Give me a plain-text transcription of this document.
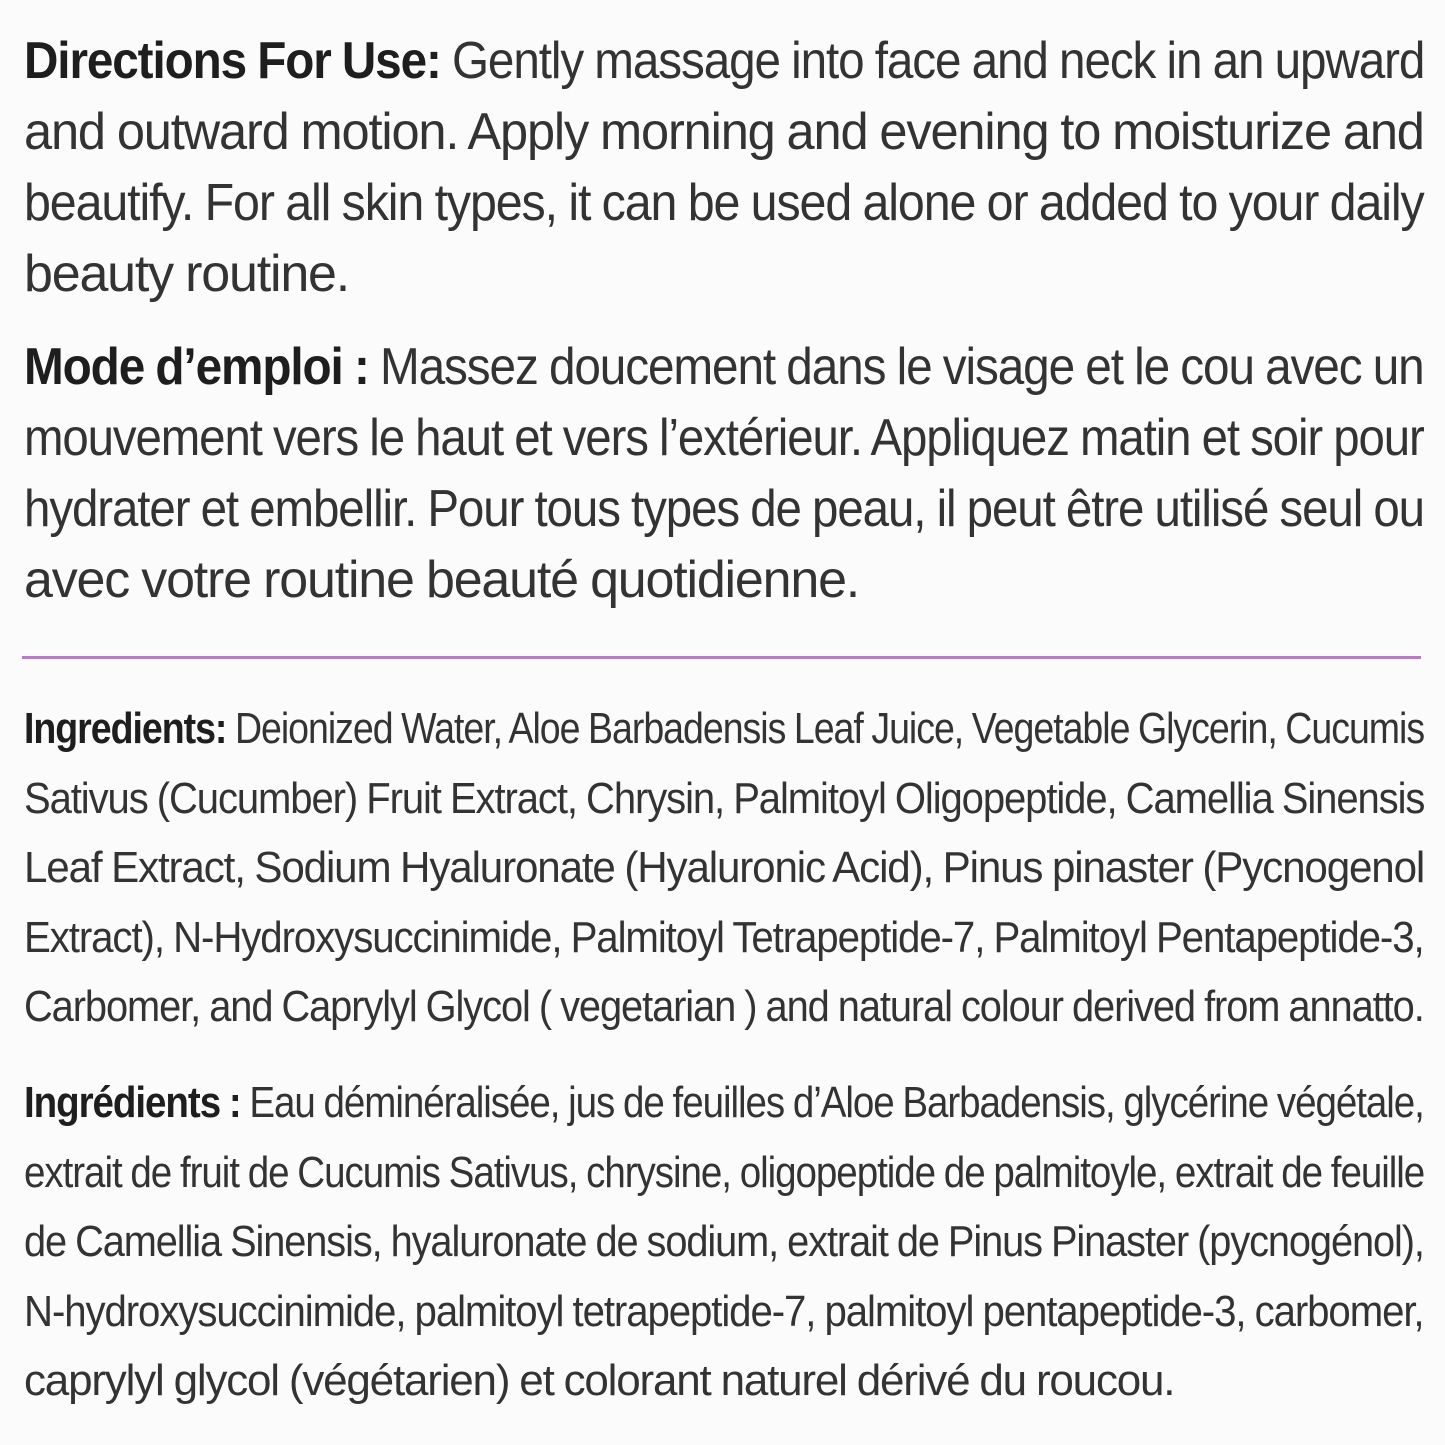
Directions For Use: Gently massage into face and neck in an upward
and outward motion. Apply morning and evening to moisturize and
beautify. For all skin types, it can be used alone or added to your daily
beauty routine.
Mode d’emploi : Massez doucement dans le visage et le cou avec un
mouvement vers le haut et vers l’extérieur. Appliquez matin et soir pour
hydrater et embellir. Pour tous types de peau, il peut être utilisé seul ou
avec votre routine beauté quotidienne.
Ingredients: Deionized Water, Aloe Barbadensis Leaf Juice, Vegetable Glycerin, Cucumis
Sativus (Cucumber) Fruit Extract, Chrysin, Palmitoyl Oligopeptide, Camellia Sinensis
Leaf Extract, Sodium Hyaluronate (Hyaluronic Acid), Pinus pinaster (Pycnogenol
Extract), N-Hydroxysuccinimide, Palmitoyl Tetrapeptide-7, Palmitoyl Pentapeptide-3,
Carbomer, and Caprylyl Glycol ( vegetarian ) and natural colour derived from annatto.
Ingrédients : Eau déminéralisée, jus de feuilles d’Aloe Barbadensis, glycérine végétale,
extrait de fruit de Cucumis Sativus, chrysine, oligopeptide de palmitoyle, extrait de feuille
de Camellia Sinensis, hyaluronate de sodium, extrait de Pinus Pinaster (pycnogénol),
N-hydroxysuccinimide, palmitoyl tetrapeptide-7, palmitoyl pentapeptide-3, carbomer,
caprylyl glycol (végétarien) et colorant naturel dérivé du roucou.
